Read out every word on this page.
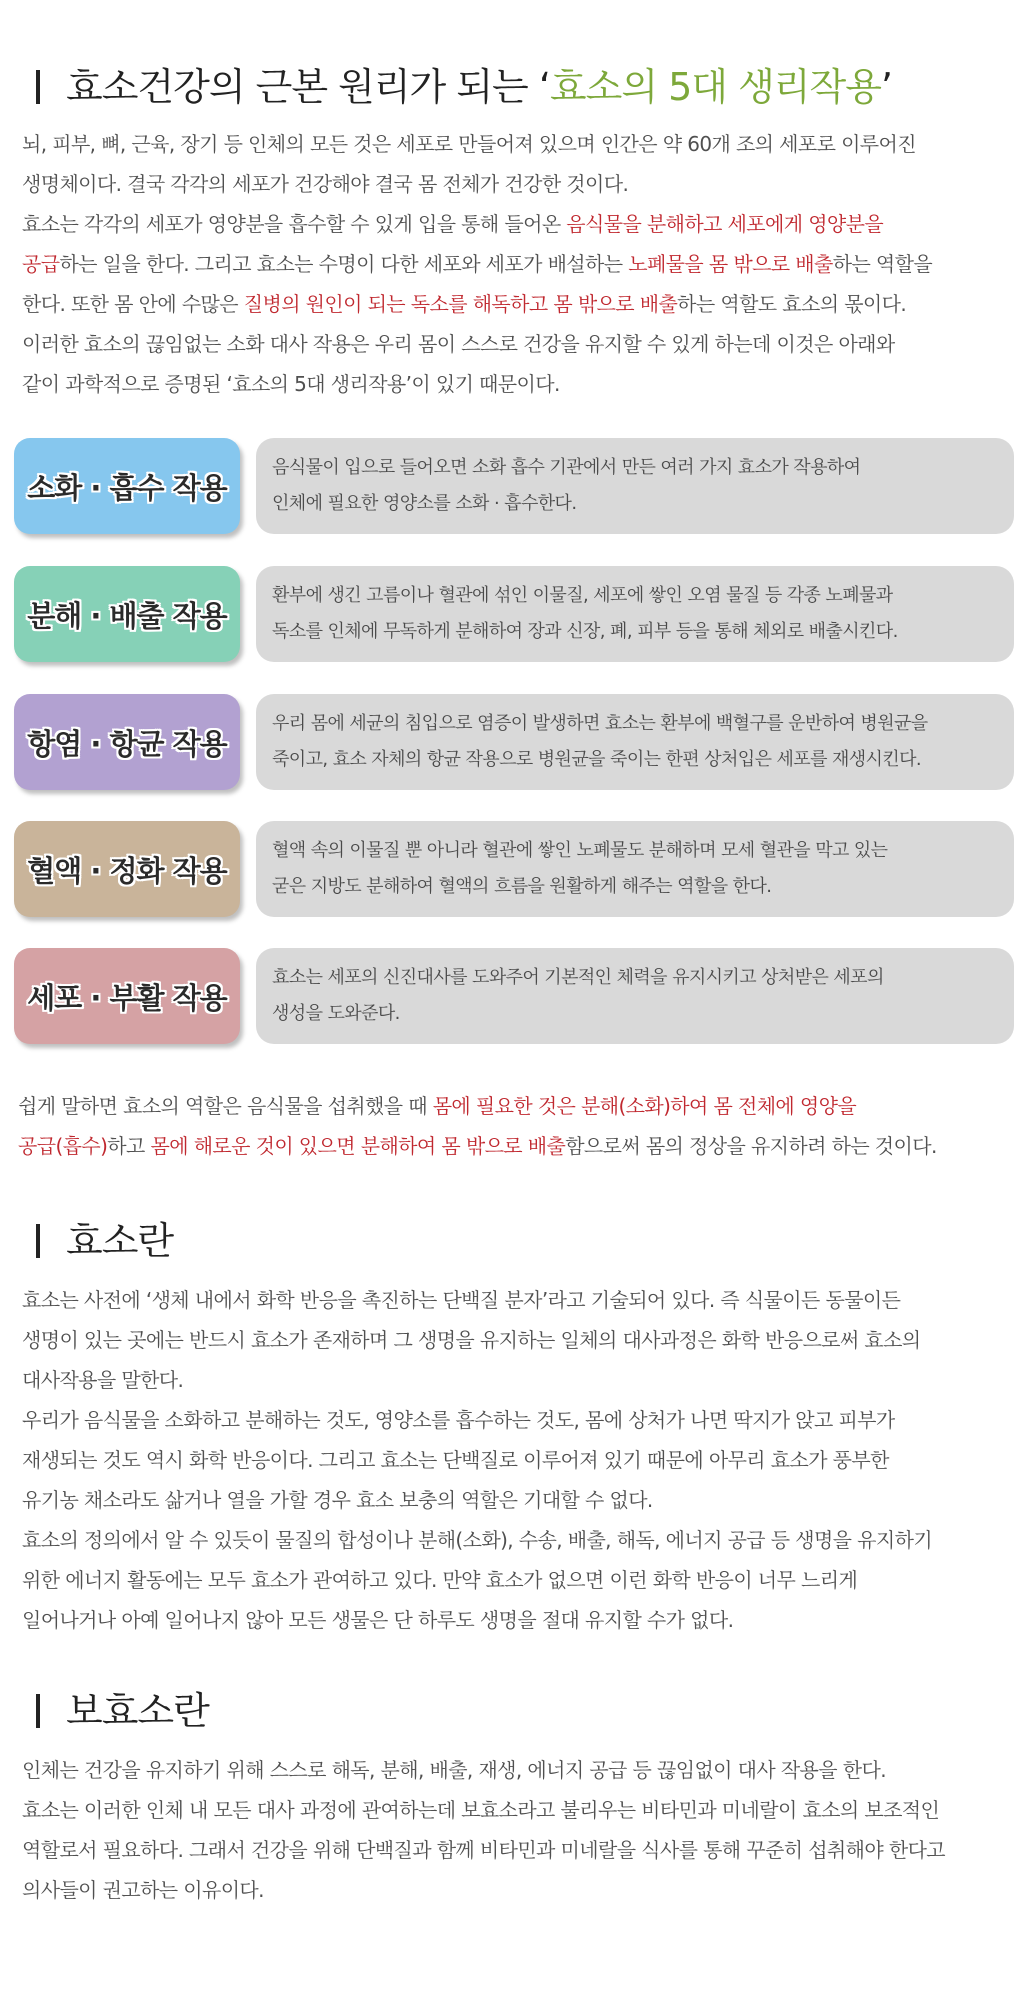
효소건강의 근본 원리가 되는 ‘효소의 5대 생리작용’

뇌, 피부, 뼈, 근육, 장기 등 인체의 모든 것은 세포로 만들어져 있으며 인간은 약 60개 조의 세포로 이루어진

생명체이다. 결국 각각의 세포가 건강해야 결국 몸 전체가 건강한 것이다.

효소는 각각의 세포가 영양분을 흡수할 수 있게 입을 통해 들어온 음식물을 분해하고 세포에게 영양분을

공급하는 일을 한다. 그리고 효소는 수명이 다한 세포와 세포가 배설하는 노폐물을 몸 밖으로 배출하는 역할을

한다. 또한 몸 안에 수많은 질병의 원인이 되는 독소를 해독하고 몸 밖으로 배출하는 역할도 효소의 몫이다.

이러한 효소의 끊임없는 소화 대사 작용은 우리 몸이 스스로 건강을 유지할 수 있게 하는데 이것은 아래와

같이 과학적으로 증명된 ‘효소의 5대 생리작용’이 있기 때문이다.

소화 · 흡수 작용

음식물이 입으로 들어오면 소화 흡수 기관에서 만든 여러 가지 효소가 작용하여

인체에 필요한 영양소를 소화 · 흡수한다.

분해 · 배출 작용

환부에 생긴 고름이나 혈관에 섞인 이물질, 세포에 쌓인 오염 물질 등 각종 노폐물과

독소를 인체에 무독하게 분해하여 장과 신장, 폐, 피부 등을 통해 체외로 배출시킨다.

항염 · 항균 작용

우리 몸에 세균의 침입으로 염증이 발생하면 효소는 환부에 백혈구를 운반하여 병원균을

죽이고, 효소 자체의 항균 작용으로 병원균을 죽이는 한편 상처입은 세포를 재생시킨다.

혈액 · 정화 작용

혈액 속의 이물질 뿐 아니라 혈관에 쌓인 노폐물도 분해하며 모세 혈관을 막고 있는

굳은 지방도 분해하여 혈액의 흐름을 원활하게 해주는 역할을 한다.

세포 · 부활 작용

효소는 세포의 신진대사를 도와주어 기본적인 체력을 유지시키고 상처받은 세포의

생성을 도와준다.

쉽게 말하면 효소의 역할은 음식물을 섭취했을 때 몸에 필요한 것은 분해(소화)하여 몸 전체에 영양을

공급(흡수)하고 몸에 해로운 것이 있으면 분해하여 몸 밖으로 배출함으로써 몸의 정상을 유지하려 하는 것이다.

효소란

효소는 사전에 ‘생체 내에서 화학 반응을 촉진하는 단백질 분자’라고 기술되어 있다. 즉 식물이든 동물이든

생명이 있는 곳에는 반드시 효소가 존재하며 그 생명을 유지하는 일체의 대사과정은 화학 반응으로써 효소의

대사작용을 말한다.

우리가 음식물을 소화하고 분해하는 것도, 영양소를 흡수하는 것도, 몸에 상처가 나면 딱지가 앉고 피부가

재생되는 것도 역시 화학 반응이다. 그리고 효소는 단백질로 이루어져 있기 때문에 아무리 효소가 풍부한

유기농 채소라도 삶거나 열을 가할 경우 효소 보충의 역할은 기대할 수 없다.

효소의 정의에서 알 수 있듯이 물질의 합성이나 분해(소화), 수송, 배출, 해독, 에너지 공급 등 생명을 유지하기

위한 에너지 활동에는 모두 효소가 관여하고 있다. 만약 효소가 없으면 이런 화학 반응이 너무 느리게

일어나거나 아예 일어나지 않아 모든 생물은 단 하루도 생명을 절대 유지할 수가 없다.

보효소란

인체는 건강을 유지하기 위해 스스로 해독, 분해, 배출, 재생, 에너지 공급 등 끊임없이 대사 작용을 한다.

효소는 이러한 인체 내 모든 대사 과정에 관여하는데 보효소라고 불리우는 비타민과 미네랄이 효소의 보조적인

역할로서 필요하다. 그래서 건강을 위해 단백질과 함께 비타민과 미네랄을 식사를 통해 꾸준히 섭취해야 한다고

의사들이 권고하는 이유이다.
